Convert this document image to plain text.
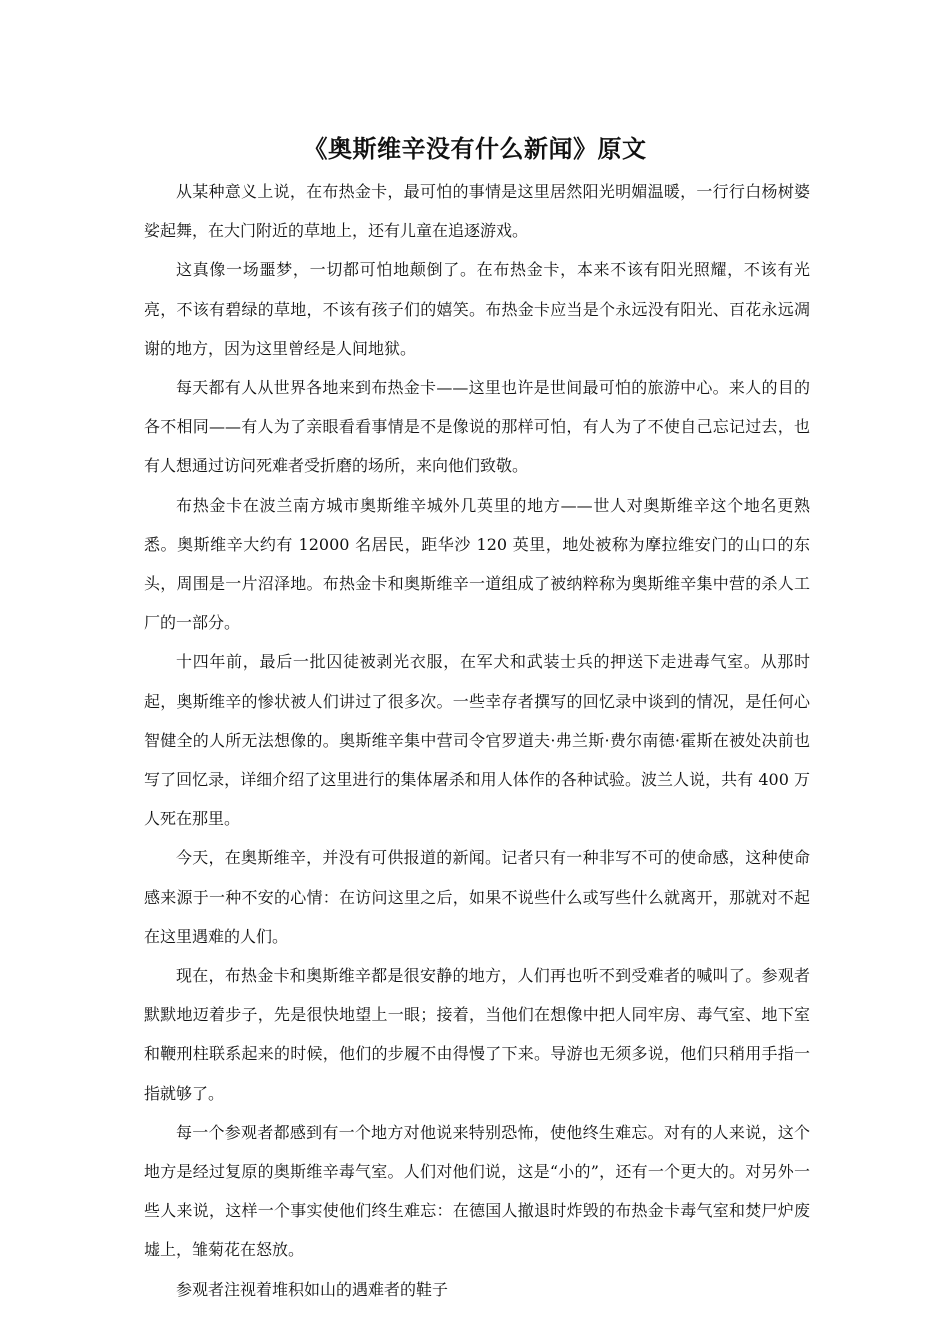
《奥斯维辛没有什么新闻》原文

从某种意义上说，在布热金卡，最可怕的事情是这里居然阳光明媚温暖，一行行白杨树婆娑起舞，在大门附近的草地上，还有儿童在追逐游戏。

这真像一场噩梦，一切都可怕地颠倒了。在布热金卡，本来不该有阳光照耀，不该有光亮，不该有碧绿的草地，不该有孩子们的嬉笑。布热金卡应当是个永远没有阳光、百花永远凋谢的地方，因为这里曾经是人间地狱。

每天都有人从世界各地来到布热金卡——这里也许是世间最可怕的旅游中心。来人的目的各不相同——有人为了亲眼看看事情是不是像说的那样可怕，有人为了不使自己忘记过去，也有人想通过访问死难者受折磨的场所，来向他们致敬。

布热金卡在波兰南方城市奥斯维辛城外几英里的地方——世人对奥斯维辛这个地名更熟悉。奥斯维辛大约有 12000 名居民，距华沙 120 英里，地处被称为摩拉维安门的山口的东头，周围是一片沼泽地。布热金卡和奥斯维辛一道组成了被纳粹称为奥斯维辛集中营的杀人工厂的一部分。

十四年前，最后一批囚徒被剥光衣服，在军犬和武装士兵的押送下走进毒气室。从那时起，奥斯维辛的惨状被人们讲过了很多次。一些幸存者撰写的回忆录中谈到的情况，是任何心智健全的人所无法想像的。奥斯维辛集中营司令官罗道夫·弗兰斯·费尔南德·霍斯在被处决前也写了回忆录，详细介绍了这里进行的集体屠杀和用人体作的各种试验。波兰人说，共有 400 万人死在那里。

今天，在奥斯维辛，并没有可供报道的新闻。记者只有一种非写不可的使命感，这种使命感来源于一种不安的心情：在访问这里之后，如果不说些什么或写些什么就离开，那就对不起在这里遇难的人们。

现在，布热金卡和奥斯维辛都是很安静的地方，人们再也听不到受难者的喊叫了。参观者默默地迈着步子，先是很快地望上一眼；接着，当他们在想像中把人同牢房、毒气室、地下室和鞭刑柱联系起来的时候，他们的步履不由得慢了下来。导游也无须多说，他们只稍用手指一指就够了。

每一个参观者都感到有一个地方对他说来特别恐怖，使他终生难忘。对有的人来说，这个地方是经过复原的奥斯维辛毒气室。人们对他们说，这是“小的”，还有一个更大的。对另外一些人来说，这样一个事实使他们终生难忘：在德国人撤退时炸毁的布热金卡毒气室和焚尸炉废墟上，雏菊花在怒放。

参观者注视着堆积如山的遇难者的鞋子
